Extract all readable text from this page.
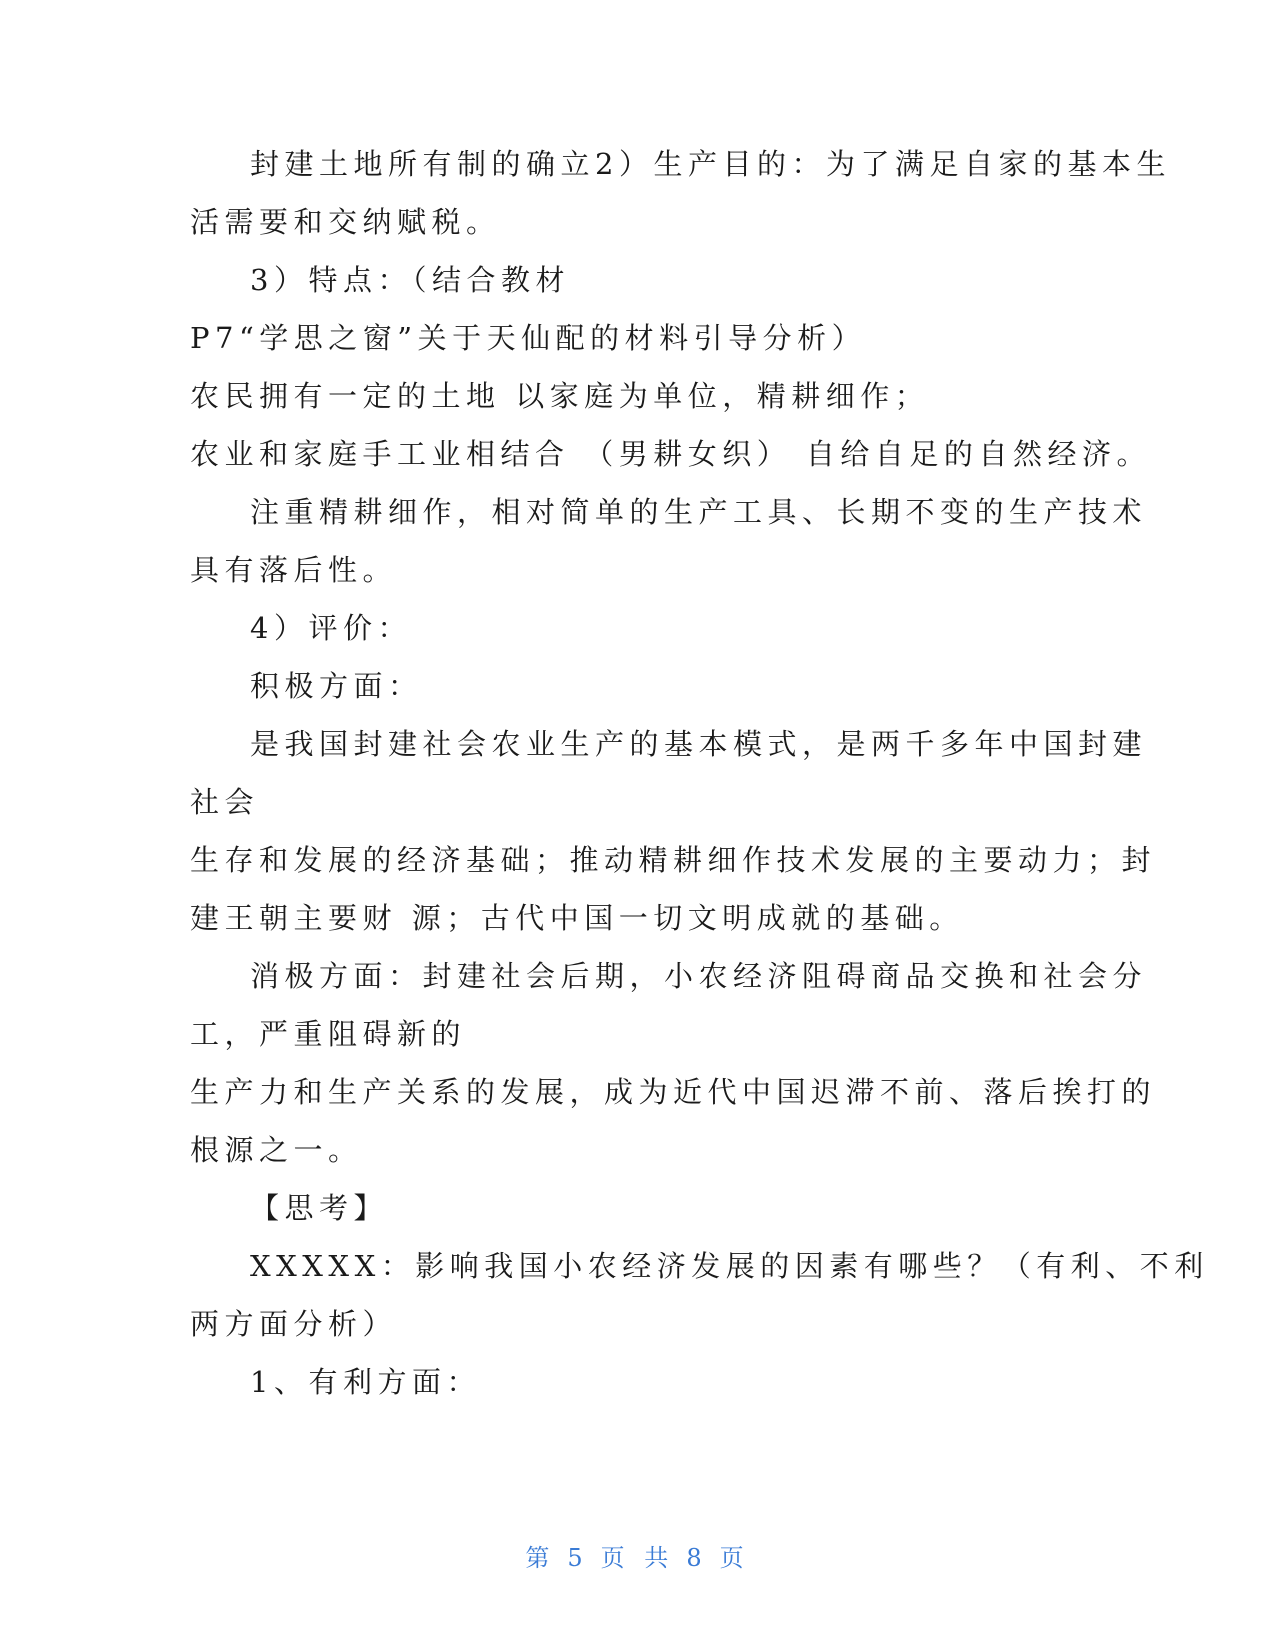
封建土地所有制的确立2）生产目的：为了满足自家的基本生
活需要和交纳赋税。
3）特点：（结合教材
P7“学思之窗”关于天仙配的材料引导分析）
农民拥有一定的土地 以家庭为单位，精耕细作；
农业和家庭手工业相结合 （男耕女织） 自给自足的自然经济。
注重精耕细作，相对简单的生产工具、长期不变的生产技术
具有落后性。
4）评价：
积极方面：
是我国封建社会农业生产的基本模式，是两千多年中国封建
社会
生存和发展的经济基础；推动精耕细作技术发展的主要动力；封
建王朝主要财 源；古代中国一切文明成就的基础。
消极方面：封建社会后期，小农经济阻碍商品交换和社会分
工，严重阻碍新的
生产力和生产关系的发展，成为近代中国迟滞不前、落后挨打的
根源之一。
【思考】
XXXXX：影响我国小农经济发展的因素有哪些？（有利、不利
两方面分析）
1、有利方面：
第 5 页 共 8 页
